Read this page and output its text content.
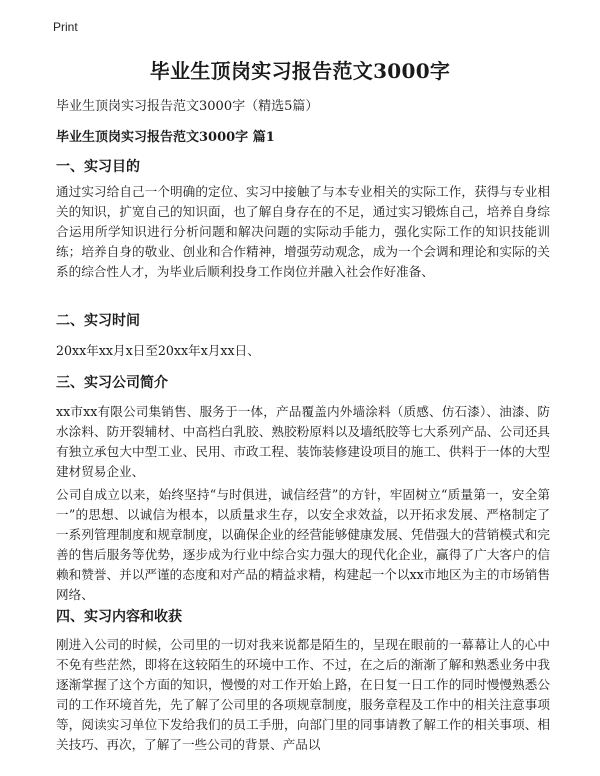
Print
毕业生顶岗实习报告范文3000字

毕业生顶岗实习报告范文3000字（精选5篇）

毕业生顶岗实习报告范文3000字 篇1
一、实习目的

通过实习给自己一个明确的定位、实习中接触了与本专业相关的实际工作，获得与专业相关的知识，扩宽自己的知识面，也了解自身存在的不足，通过实习锻炼自己，培养自身综合运用所学知识进行分析问题和解决问题的实际动手能力，强化实际工作的知识技能训练；培养自身的敬业、创业和合作精神，增强劳动观念，成为一个会调和理论和实际的关系的综合性人才，为毕业后顺利投身工作岗位并融入社会作好准备、

二、实习时间

20xx年xx月x日至20xx年x月xx日、

三、实习公司简介

xx市xx有限公司集销售、服务于一体，产品覆盖内外墙涂料（质感、仿石漆）、油漆、防水涂料、防开裂辅材、中高档白乳胶、熟胶粉原料以及墙纸胶等七大系列产品、公司还具有独立承包大中型工业、民用、市政工程、装饰装修建设项目的施工、供料于一体的大型建材贸易企业、

公司自成立以来，始终坚持“与时俱进，诚信经营”的方针，牢固树立“质量第一，安全第一”的思想、以诚信为根本，以质量求生存，以安全求效益，以开拓求发展、严格制定了一系列管理制度和规章制度，以确保企业的经营能够健康发展、凭借强大的营销模式和完善的售后服务等优势，逐步成为行业中综合实力强大的现代化企业，赢得了广大客户的信赖和赞誉、并以严谨的态度和对产品的精益求精，构建起一个以xx市地区为主的市场销售网络、

四、实习内容和收获

刚进入公司的时候，公司里的一切对我来说都是陌生的，呈现在眼前的一幕幕让人的心中不免有些茫然，即将在这较陌生的环境中工作、不过，在之后的渐渐了解和熟悉业务中我逐渐掌握了这个方面的知识，慢慢的对工作开始上路，在日复一日工作的同时慢慢熟悉公司的工作环境首先，先了解了公司里的各项规章制度，服务章程及工作中的相关注意事项等，阅读实习单位下发给我们的员工手册，向部门里的同事请教了解工作的相关事项、相关技巧、再次，了解了一些公司的背景、产品以
